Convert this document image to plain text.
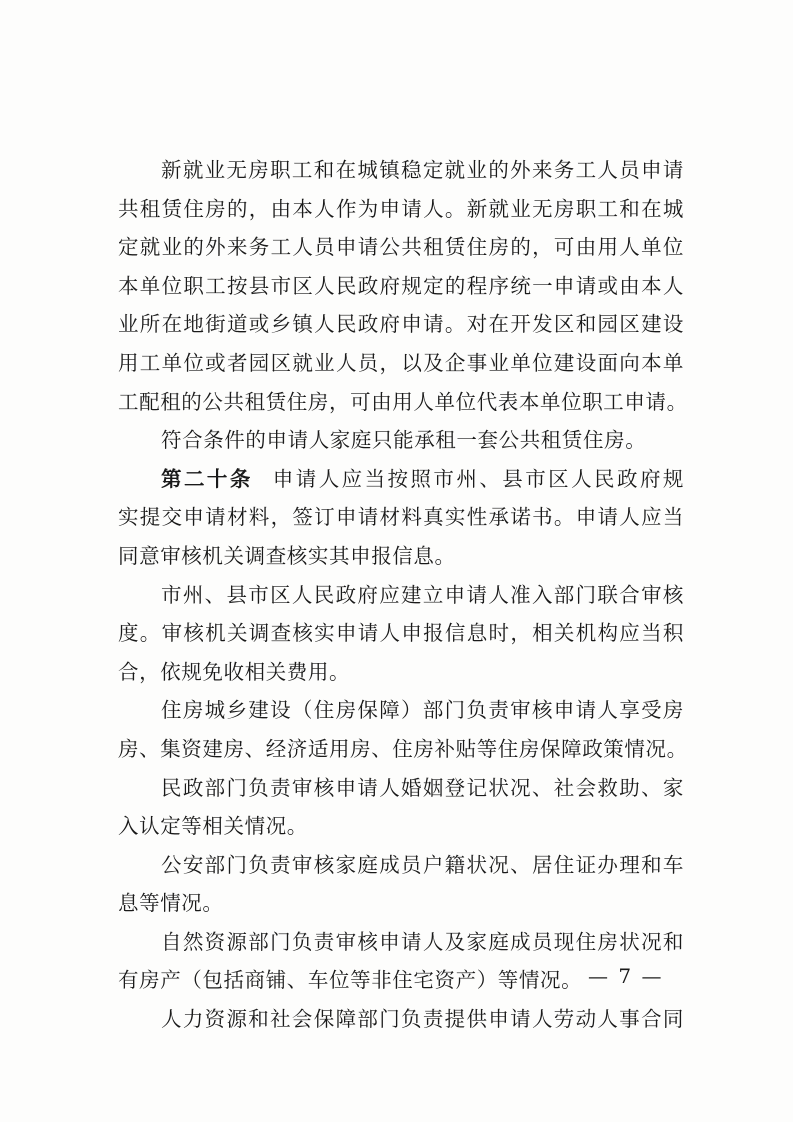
新就业无房职工和在城镇稳定就业的外来务工人员申请
共租赁住房的，由本人作为申请人。新就业无房职工和在城
定就业的外来务工人员申请公共租赁住房的，可由用人单位
本单位职工按县市区人民政府规定的程序统一申请或由本人
业所在地街道或乡镇人民政府申请。对在开发区和园区建设
用工单位或者园区就业人员，以及企事业单位建设面向本单
工配租的公共租赁住房，可由用人单位代表本单位职工申请。
符合条件的申请人家庭只能承租一套公共租赁住房。
第二十条 申请人应当按照市州、县市区人民政府规
实提交申请材料，签订申请材料真实性承诺书。申请人应当
同意审核机关调查核实其申报信息。
市州、县市区人民政府应建立申请人准入部门联合审核
度。审核机关调查核实申请人申报信息时，相关机构应当积
合，依规免收相关费用。
住房城乡建设（住房保障）部门负责审核申请人享受房
房、集资建房、经济适用房、住房补贴等住房保障政策情况。
民政部门负责审核申请人婚姻登记状况、社会救助、家
入认定等相关情况。
公安部门负责审核家庭成员户籍状况、居住证办理和车
息等情况。
自然资源部门负责审核申请人及家庭成员现住房状况和
有房产（包括商铺、车位等非住宅资产）等情况。
人力资源和社会保障部门负责提供申请人劳动人事合同
— 7 —
